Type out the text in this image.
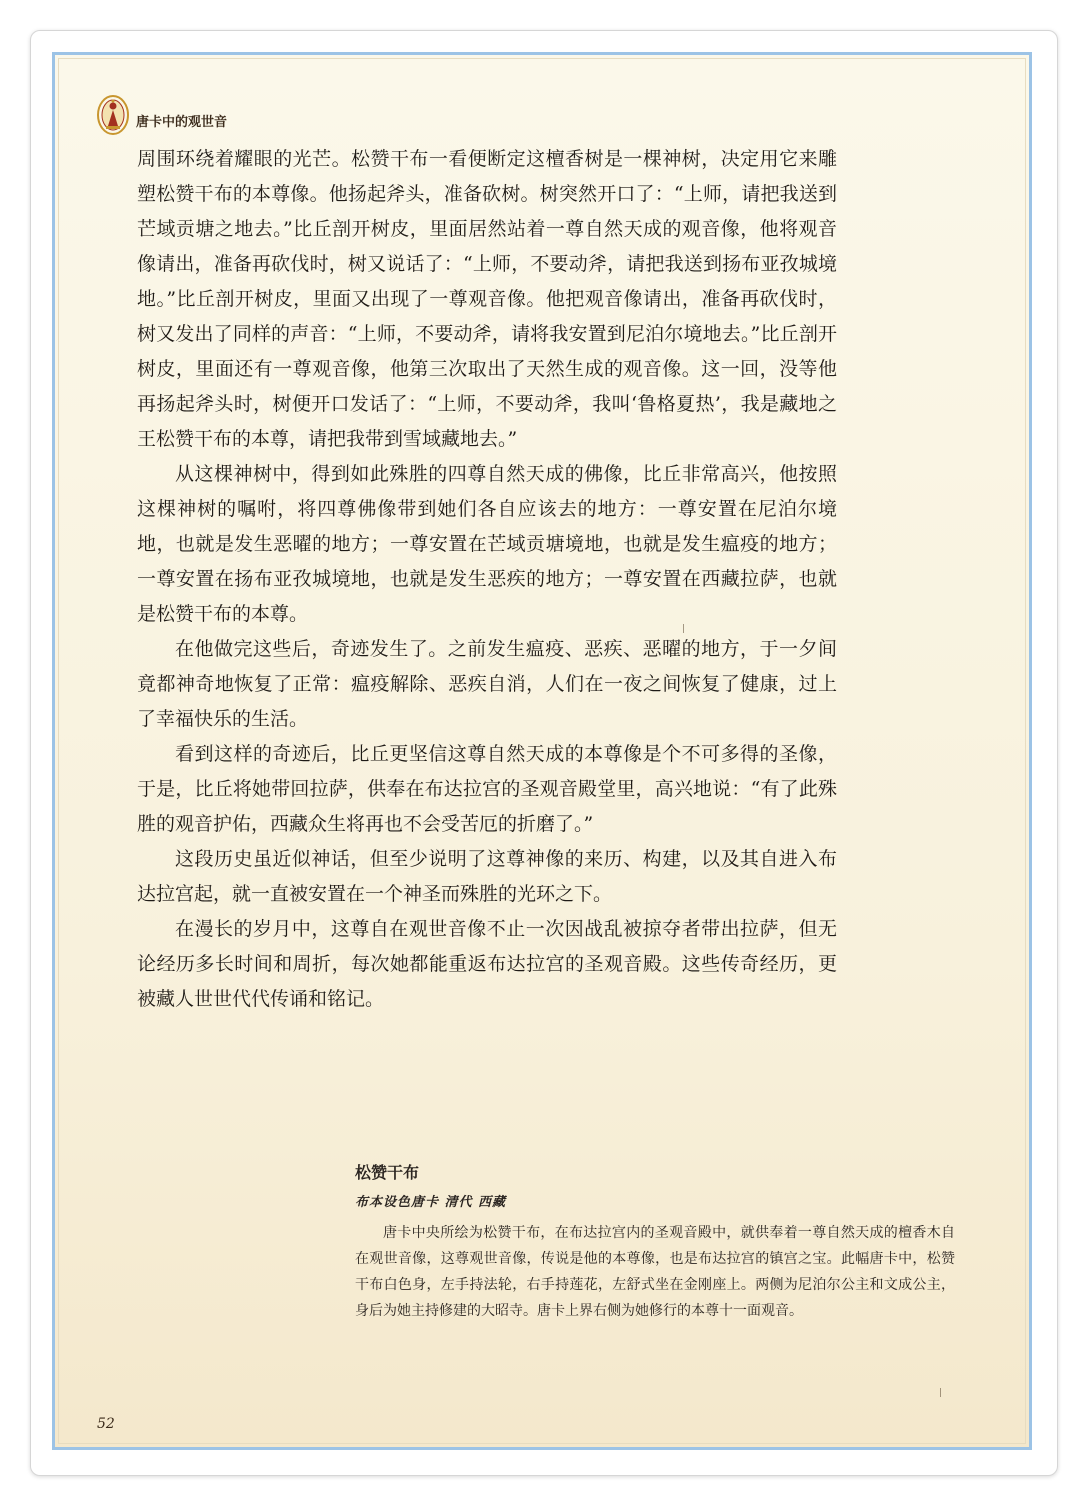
唐卡中的观世音

周围环绕着耀眼的光芒。松赞干布一看便断定这檀香树是一棵神树，决定用它来雕塑松赞干布的本尊像。他扬起斧头，准备砍树。树突然开口了：“上师，请把我送到芒域贡塘之地去。”比丘剖开树皮，里面居然站着一尊自然天成的观音像，他将观音像请出，准备再砍伐时，树又说话了：“上师，不要动斧，请把我送到扬布亚孜城境地。”比丘剖开树皮，里面又出现了一尊观音像。他把观音像请出，准备再砍伐时，树又发出了同样的声音：“上师，不要动斧，请将我安置到尼泊尔境地去。”比丘剖开树皮，里面还有一尊观音像，他第三次取出了天然生成的观音像。这一回，没等他再扬起斧头时，树便开口发话了：“上师，不要动斧，我叫‘鲁格夏热’，我是藏地之王松赞干布的本尊，请把我带到雪域藏地去。”

从这棵神树中，得到如此殊胜的四尊自然天成的佛像，比丘非常高兴，他按照这棵神树的嘱咐，将四尊佛像带到她们各自应该去的地方：一尊安置在尼泊尔境地，也就是发生恶曜的地方；一尊安置在芒域贡塘境地，也就是发生瘟疫的地方；一尊安置在扬布亚孜城境地，也就是发生恶疾的地方；一尊安置在西藏拉萨，也就是松赞干布的本尊。

在他做完这些后，奇迹发生了。之前发生瘟疫、恶疾、恶曜的地方，于一夕间竟都神奇地恢复了正常：瘟疫解除、恶疾自消，人们在一夜之间恢复了健康，过上了幸福快乐的生活。

看到这样的奇迹后，比丘更坚信这尊自然天成的本尊像是个不可多得的圣像，于是，比丘将她带回拉萨，供奉在布达拉宫的圣观音殿堂里，高兴地说：“有了此殊胜的观音护佑，西藏众生将再也不会受苦厄的折磨了。”

这段历史虽近似神话，但至少说明了这尊神像的来历、构建，以及其自进入布达拉宫起，就一直被安置在一个神圣而殊胜的光环之下。

在漫长的岁月中，这尊自在观世音像不止一次因战乱被掠夺者带出拉萨，但无论经历多长时间和周折，每次她都能重返布达拉宫的圣观音殿。这些传奇经历，更被藏人世世代代传诵和铭记。

松赞干布
布本设色唐卡 清代 西藏
唐卡中央所绘为松赞干布，在布达拉宫内的圣观音殿中，就供奉着一尊自然天成的檀香木自在观世音像，这尊观世音像，传说是他的本尊像，也是布达拉宫的镇宫之宝。此幅唐卡中，松赞干布白色身，左手持法轮，右手持莲花，左舒式坐在金刚座上。两侧为尼泊尔公主和文成公主，身后为她主持修建的大昭寺。唐卡上界右侧为她修行的本尊十一面观音。
52
